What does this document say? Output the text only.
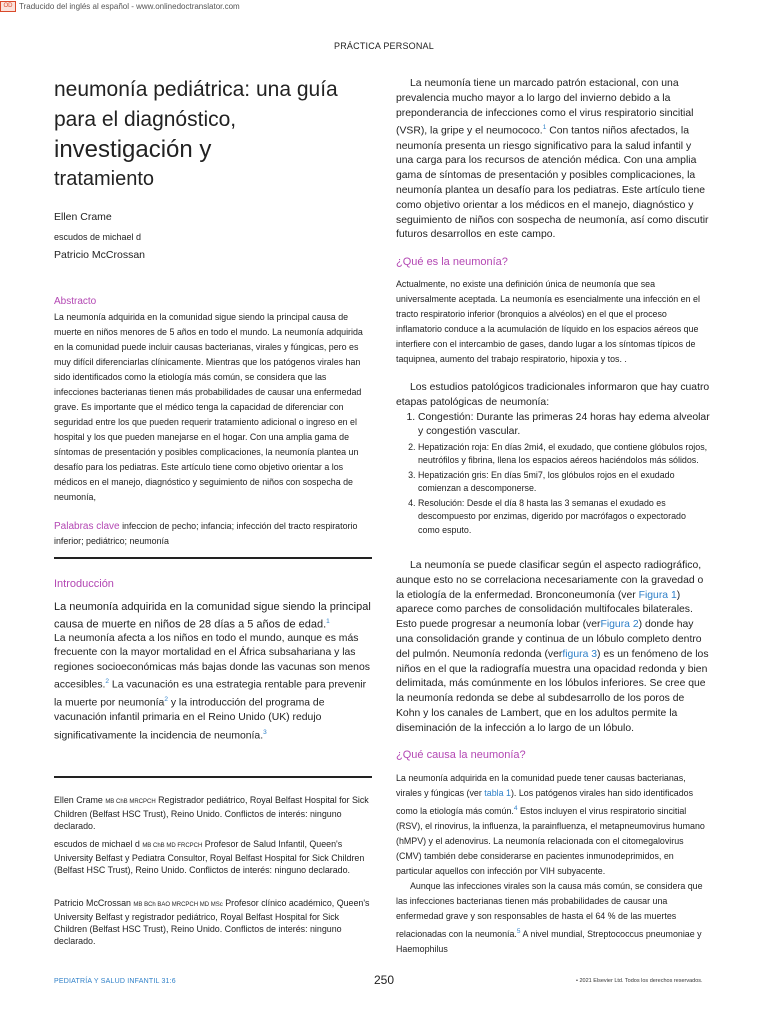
OD Traducido del inglés al español - www.onlinedoctranslator.com
PRÁCTICA PERSONAL
neumonía pediátrica: una guía
para el diagnóstico,
investigación y
tratamiento
Ellen Crame
escudos de michael d
Patricio McCrossan
Abstracto
La neumonía adquirida en la comunidad sigue siendo la principal causa de muerte en niños menores de 5 años en todo el mundo. La neumonía adquirida en la comunidad puede incluir causas bacterianas, virales y fúngicas, pero es muy difícil diferenciarlas clínicamente. Mientras que los patógenos virales han sido identificados como la etiología más común, se considera que las infecciones bacterianas tienen más probabilidades de causar una enfermedad grave. Es importante que el médico tenga la capacidad de diferenciar con seguridad entre los que pueden requerir tratamiento adicional o ingreso en el hospital y los que pueden manejarse en el hogar. Con una amplia gama de síntomas de presentación y posibles complicaciones, la neumonía plantea un desafío para los pediatras. Este artículo tiene como objetivo orientar a los médicos en el manejo, diagnóstico y seguimiento de niños con sospecha de neumonía,
Palabras clave infeccion de pecho; infancia; infección del tracto respiratorio inferior; pediátrico; neumonía
Introducción

La neumonía adquirida en la comunidad sigue siendo la principal causa de muerte en niños de 28 días a 5 años de edad.$^1$

La neumonía afecta a los niños en todo el mundo, aunque es más frecuente con la mayor mortalidad en el África subsahariana y las regiones socioeconómicas más bajas donde las vacunas son menos accesibles.$^2$ La vacunación es una estrategia rentable para prevenir la muerte por neumonía$^2$ y la introducción del programa de vacunación infantil primaria en el Reino Unido (UK) redujo significativamente la incidencia de neumonía.$^3$

Ellen Crame MB ChB MRCPCH Registrador pediátrico, Royal Belfast Hospital for Sick Children (Belfast HSC Trust), Reino Unido. Conflictos de interés: ninguno declarado.
escudos de michael d MB ChB MD FRCPCH Profesor de Salud Infantil, Queen's University Belfast y Pediatra Consultor, Royal Belfast Hospital for Sick Children (Belfast HSC Trust), Reino Unido. Conflictos de interés: ninguno declarado.
Patricio McCrossan MB BCh BAO MRCPCH MD MSc Profesor clínico académico, Queen's University Belfast y registrador pediátrico, Royal Belfast Hospital for Sick Children (Belfast HSC Trust), Reino Unido. Conflictos de interés: ninguno declarado.

La neumonía tiene un marcado patrón estacional, con una prevalencia mucho mayor a lo largo del invierno debido a la preponderancia de infecciones como el virus respiratorio sincitial (VSR), la gripe y el neumococo.$^1$ Con tantos niños afectados, la neumonía presenta un riesgo significativo para la salud infantil y una carga para los recursos de atención médica. Con una amplia gama de síntomas de presentación y posibles complicaciones, la neumonía plantea un desafío para los pediatras. Este artículo tiene como objetivo orientar a los médicos en el manejo, diagnóstico y seguimiento de niños con sospecha de neumonía, así como discutir futuros desarrollos en este campo.

¿Qué es la neumonía?
Actualmente, no existe una definición única de neumonía que sea universalmente aceptada. La neumonía es esencialmente una infección en el tracto respiratorio inferior (bronquios a alvéolos) en el que el proceso inflamatorio conduce a la acumulación de líquido en los espacios aéreos que interfiere con el intercambio de gases, dando lugar a los síntomas típicos de taquipnea, aumento del trabajo respiratorio, hipoxia y tos. .

Los estudios patológicos tradicionales informaron que hay cuatro etapas patológicas de neumonía:

1. Congestión: Durante las primeras 24 horas hay edema alveolar y congestión vascular.
2. Hepatización roja: En días 2mi4, el exudado, que contiene glóbulos rojos, neutrófilos y fibrina, llena los espacios aéreos haciéndolos más sólidos.
3. Hepatización gris: En días 5mi7, los glóbulos rojos en el exudado comienzan a descomponerse.
4. Resolución: Desde el día 8 hasta las 3 semanas el exudado es descompuesto por enzimas, digerido por macrófagos o expectorado como esputo.

La neumonía se puede clasificar según el aspecto radiográfico, aunque esto no se correlaciona necesariamente con la gravedad o la etiología de la enfermedad. Bronconeumonía (ver Figura 1) aparece como parches de consolidación multifocales bilaterales. Esto puede progresar a neumonía lobar (verFigura 2) donde hay una consolidación grande y continua de un lóbulo completo dentro del pulmón. Neumonía redonda (verfigura 3) es un fenómeno de los niños en el que la radiografía muestra una opacidad redonda y bien delimitada, más comúnmente en los lóbulos inferiores. Se cree que la neumonía redonda se debe al subdesarrollo de los poros de Kohn y los canales de Lambert, que en los adultos permite la diseminación de la infección a lo largo de un lóbulo.

¿Qué causa la neumonía?

La neumonía adquirida en la comunidad puede tener causas bacterianas, virales y fúngicas (ver tabla 1). Los patógenos virales han sido identificados como la etiología más común.$^4$ Estos incluyen el virus respiratorio sincitial (RSV), el rinovirus, la influenza, la parainfluenza, el metapneumovirus humano (hMPV) y el adenovirus. La neumonía relacionada con el citomegalovirus (CMV) también debe considerarse en pacientes inmunodeprimidos, en particular aquellos con infección por VIH subyacente.

Aunque las infecciones virales son la causa más común, se considera que las infecciones bacterianas tienen más probabilidades de causar una enfermedad grave y son responsables de hasta el 64 % de las muertes relacionadas con la neumonía.$^5$ A nivel mundial, Streptococcus pneumoniae y Haemophilus

PEDIATRÍA Y SALUD INFANTIL 31:6	250	• 2021 Elsevier Ltd. Todos los derechos reservados.
